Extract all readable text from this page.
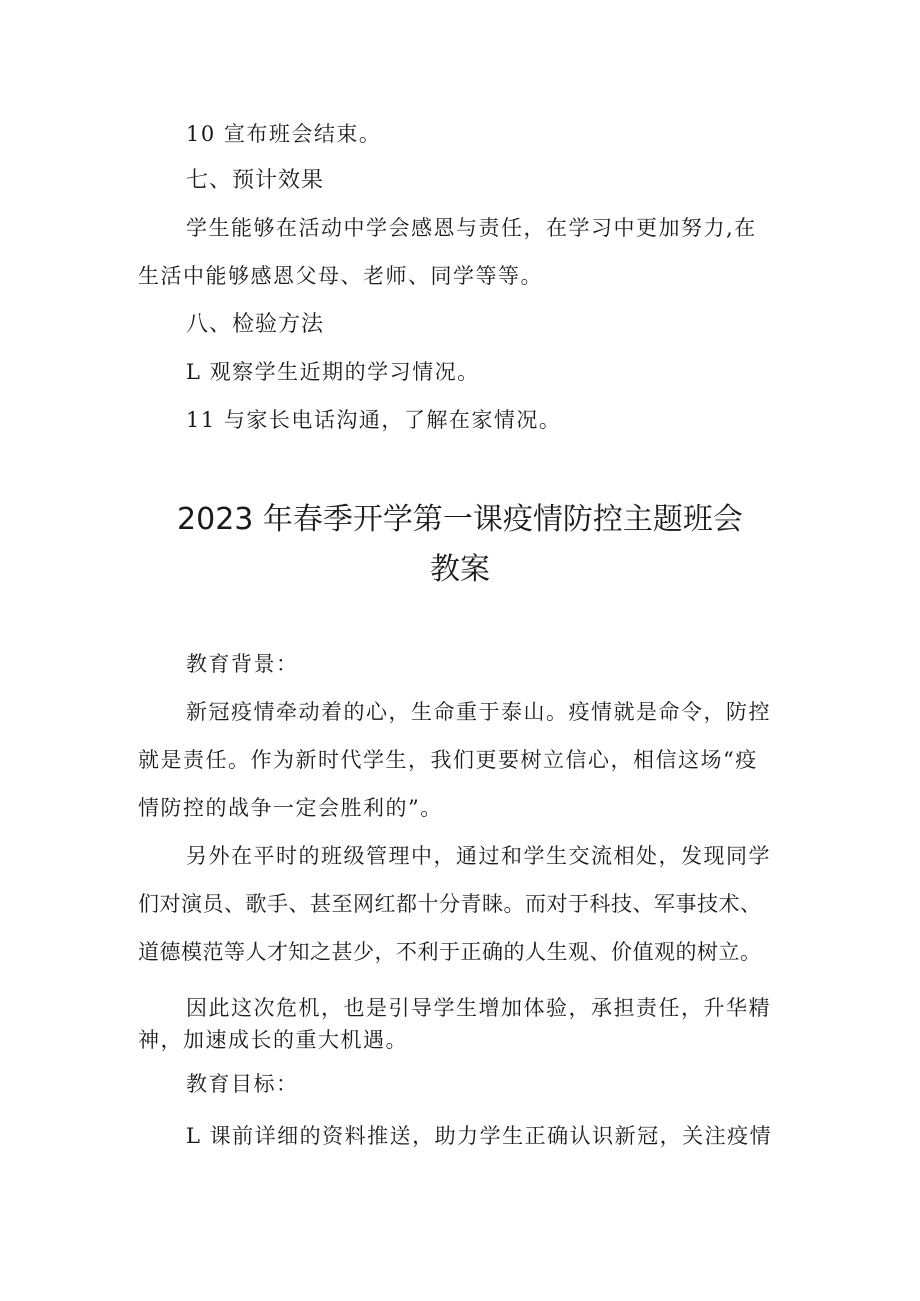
10 宣布班会结束。
七、预计效果
学生能够在活动中学会感恩与责任，在学习中更加努力,在
生活中能够感恩父母、老师、同学等等。
八、检验方法
L 观察学生近期的学习情况。
11 与家长电话沟通，了解在家情况。
2023 年春季开学第一课疫情防控主题班会
教案
教育背景：
新冠疫情牵动着的心，生命重于泰山。疫情就是命令，防控
就是责任。作为新时代学生，我们更要树立信心，相信这场“疫
情防控的战争一定会胜利的”。
另外在平时的班级管理中，通过和学生交流相处，发现同学
们对演员、歌手、甚至网红都十分青睐。而对于科技、军事技术、
道德模范等人才知之甚少，不利于正确的人生观、价值观的树立。
因此这次危机，也是引导学生增加体验，承担责任，升华精
神，加速成长的重大机遇。
教育目标：
L 课前详细的资料推送，助力学生正确认识新冠，关注疫情
